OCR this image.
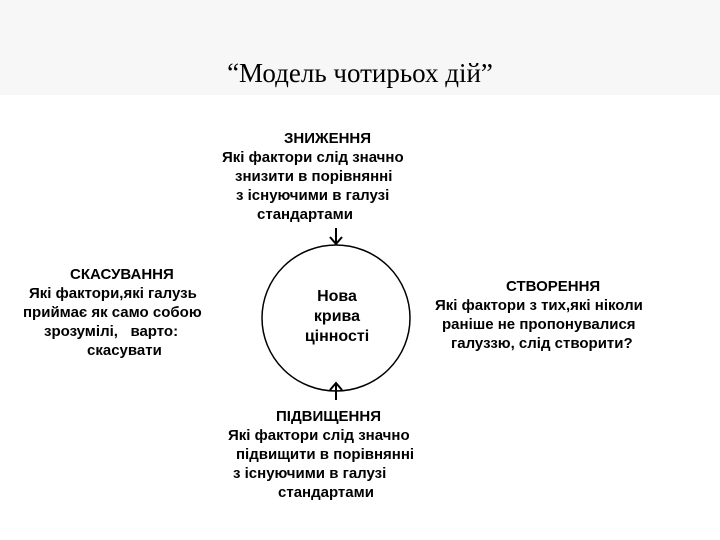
“Модель чотирьох дій”
Нова
крива
цінності
ЗНИЖЕННЯ
Які фактори слід значно
знизити в порівнянні
з існуючими в галузі
стандартами
СКАСУВАННЯ
Які фактори,які галузь
приймає як само собою
зрозумілі,   варто:
скасувати
СТВОРЕННЯ
Які фактори з тих,які ніколи
раніше не пропонувалися
галуззю, слід створити?
ПІДВИЩЕННЯ
Які фактори слід значно
підвищити в порівнянні
з існуючими в галузі
стандартами
